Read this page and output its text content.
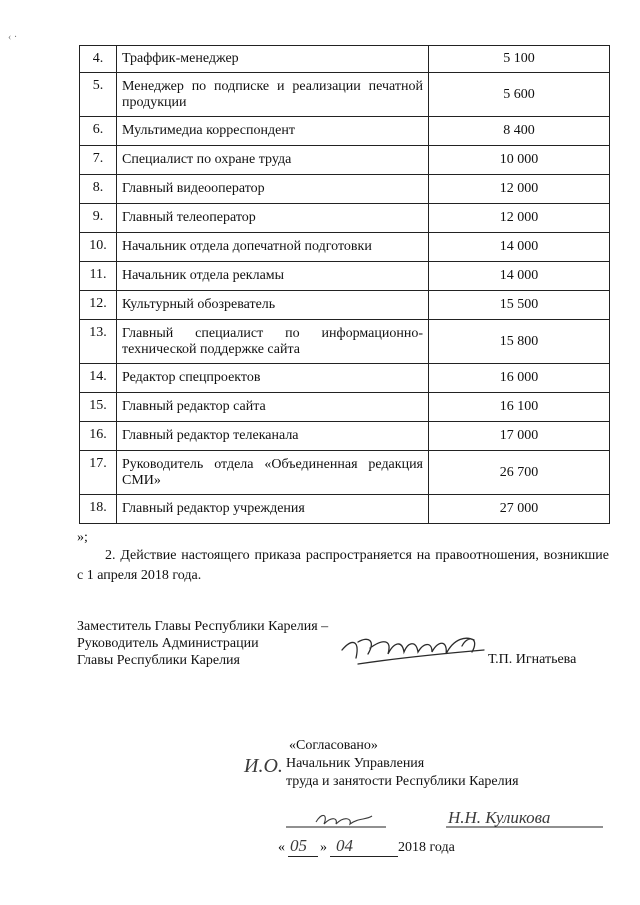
‹ ·
4.	Траффик-менеджер	5 100
5.	Менеджер по подписке и реализации печатной продукции	5 600
6.	Мультимедиа корреспондент	8 400
7.	Специалист по охране труда	10 000
8.	Главный видеооператор	12 000
9.	Главный телеоператор	12 000
10.	Начальник отдела допечатной подготовки	14 000
11.	Начальник отдела рекламы	14 000
12.	Культурный обозреватель	15 500
13.	Главный специалист по информационно-технической поддержке сайта	15 800
14.	Редактор спецпроектов	16 000
15.	Главный редактор сайта	16 100
16.	Главный редактор телеканала	17 000
17.	Руководитель отдела «Объединенная редакция СМИ»	26 700
18.	Главный редактор учреждения	27 000
»;
2. Действие настоящего приказа распространяется на правоотношения, возникшие с 1 апреля 2018 года.
Заместитель Главы Республики Карелия –
Руководитель Администрации
Главы Республики Карелия	Т.П. Игнатьева
И.О.
«Согласовано»
Начальник Управления
труда и занятости Республики Карелия
Н.Н. Куликова
« 05 » 04	2018 года
